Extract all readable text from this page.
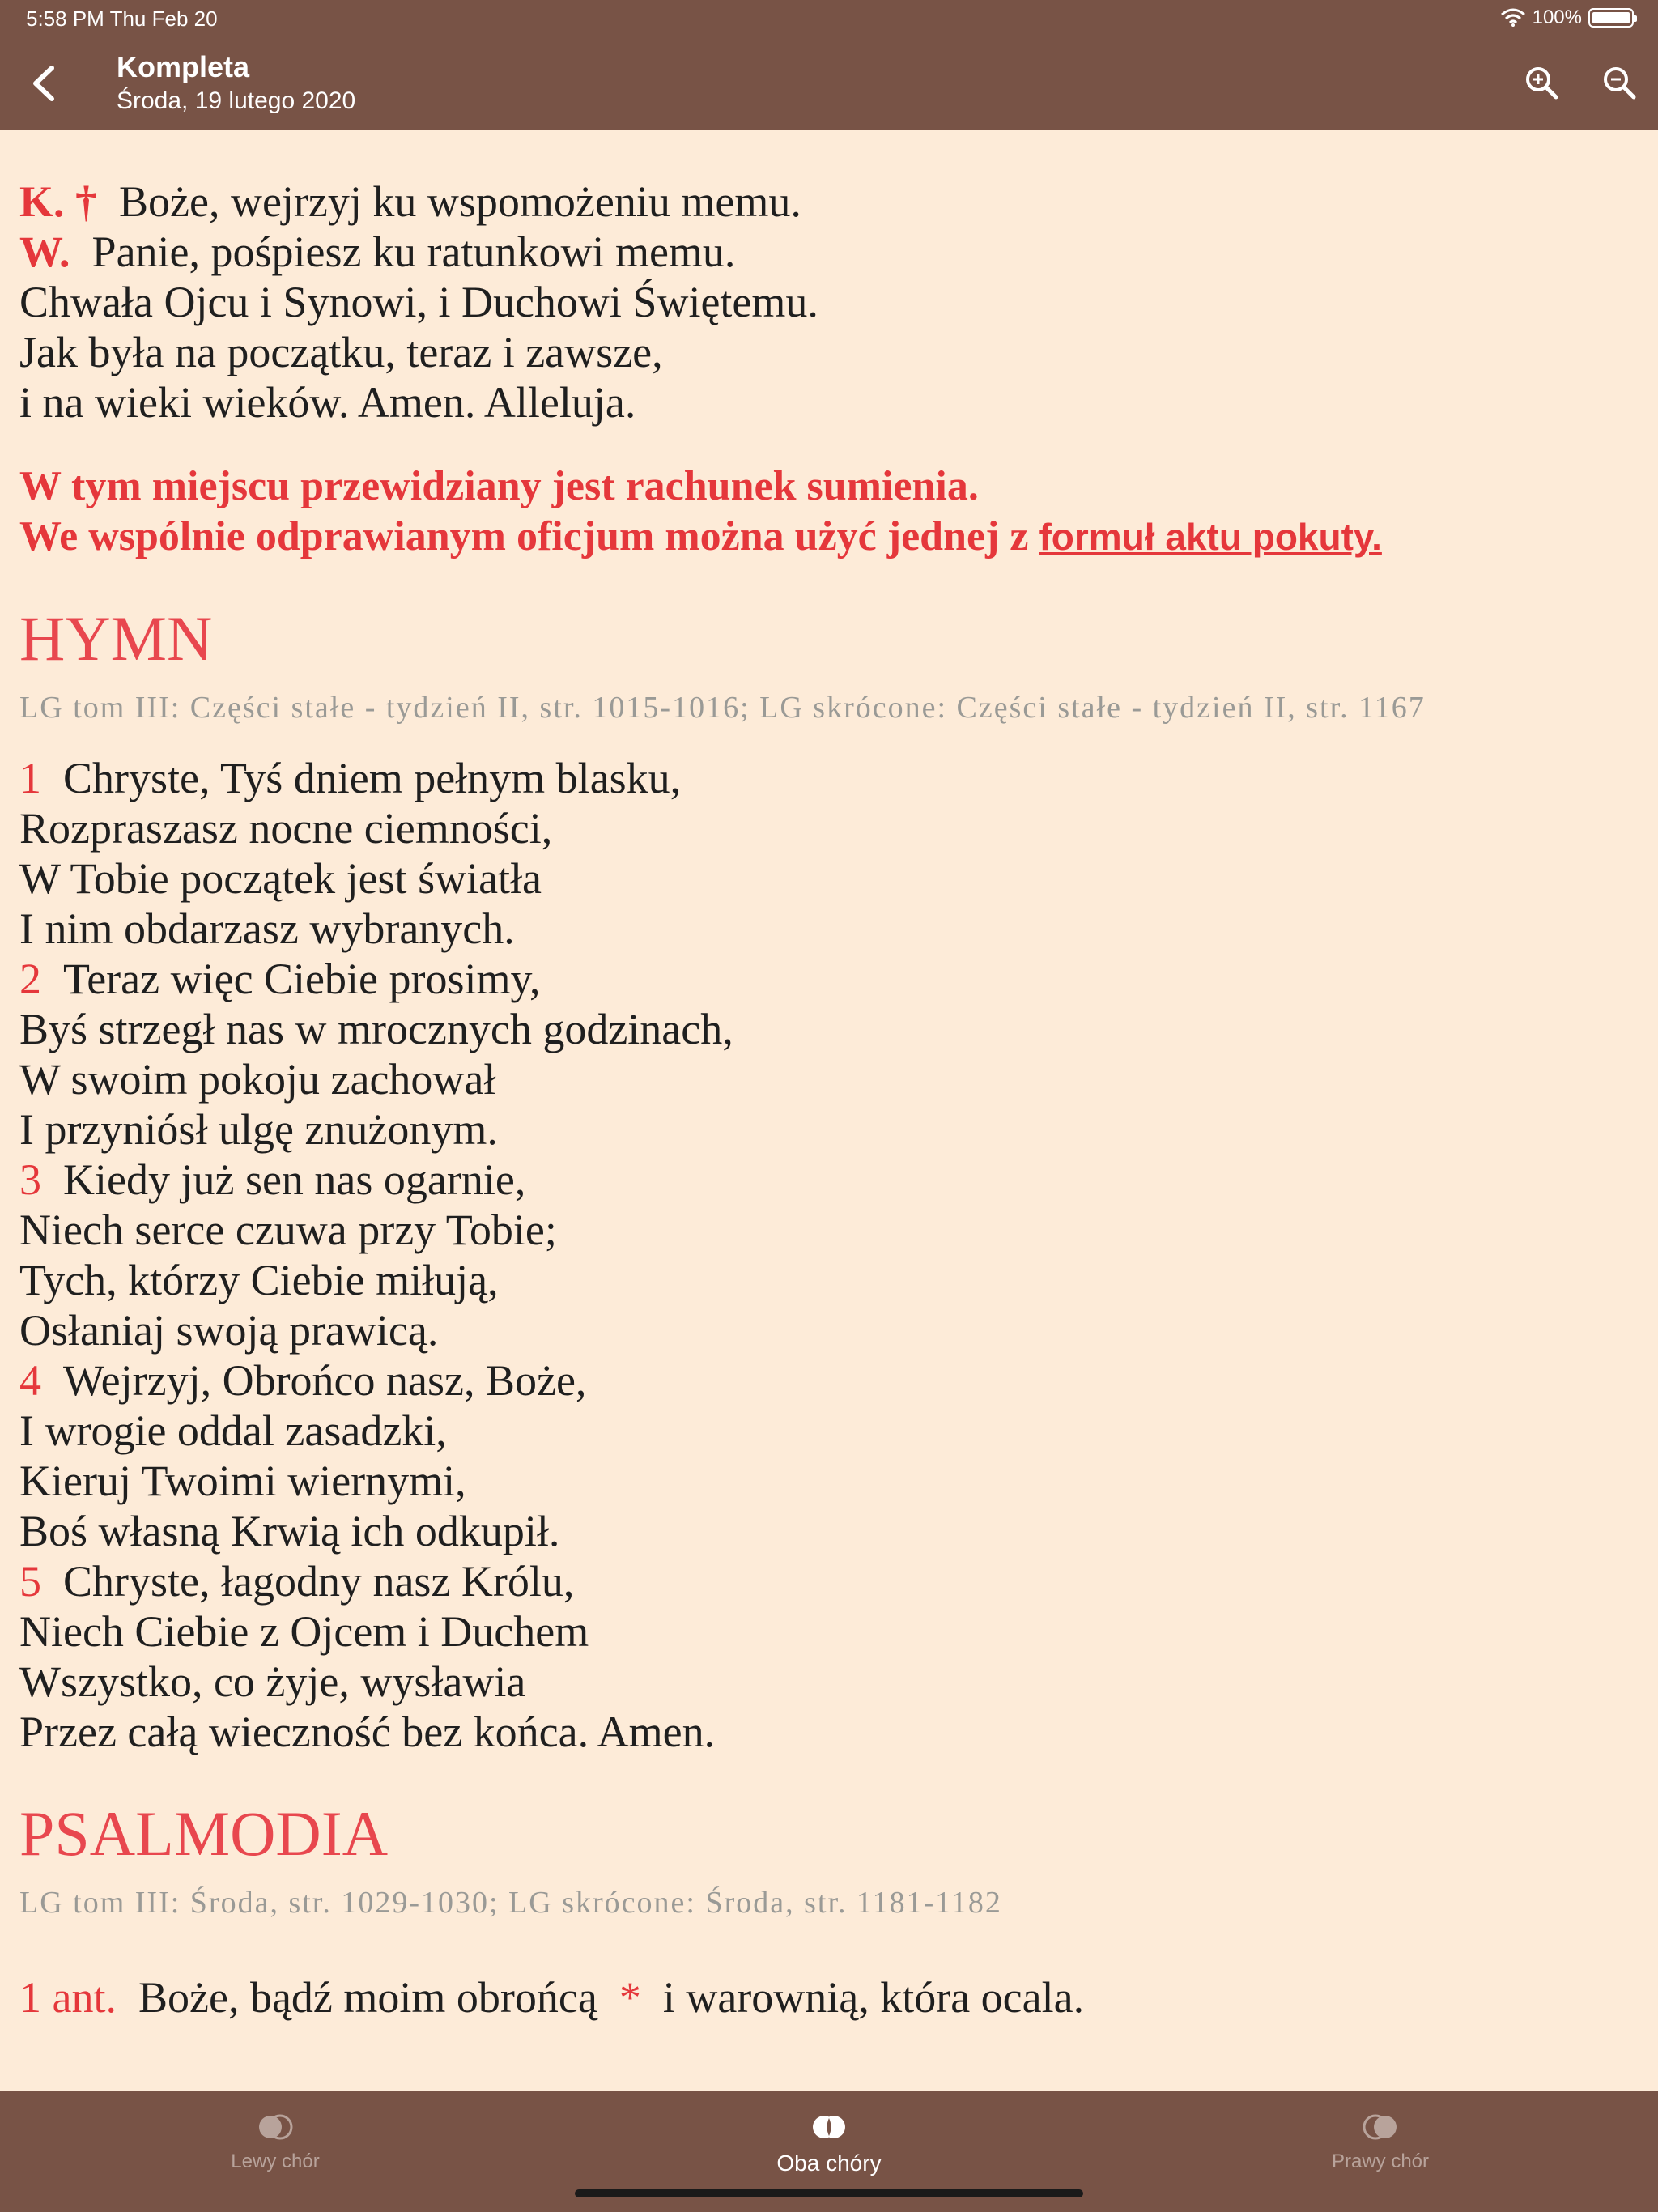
5:58 PM Thu Feb 20	100%
Kompleta
Środa, 19 lutego 2020
K. † Boże, wejrzyj ku wspomożeniu memu.
W. Panie, pośpiesz ku ratunkowi memu.
Chwała Ojcu i Synowi, i Duchowi Świętemu.
Jak była na początku, teraz i zawsze,
i na wieki wieków. Amen. Alleluja.
W tym miejscu przewidziany jest rachunek sumienia.
We wspólnie odprawianym oficjum można użyć jednej z formuł aktu pokuty.
HYMN
LG tom III: Części stałe - tydzień II, str. 1015-1016; LG skrócone: Części stałe - tydzień II, str. 1167
1 Chryste, Tyś dniem pełnym blasku,
Rozpraszasz nocne ciemności,
W Tobie początek jest światła
I nim obdarzasz wybranych.
2 Teraz więc Ciebie prosimy,
Byś strzegł nas w mrocznych godzinach,
W swoim pokoju zachował
I przyniósł ulgę znużonym.
3 Kiedy już sen nas ogarnie,
Niech serce czuwa przy Tobie;
Tych, którzy Ciebie miłują,
Osłaniaj swoją prawicą.
4 Wejrzyj, Obrońco nasz, Boże,
I wrogie oddal zasadzki,
Kieruj Twoimi wiernymi,
Boś własną Krwią ich odkupił.
5 Chryste, łagodny nasz Królu,
Niech Ciebie z Ojcem i Duchem
Wszystko, co żyje, wysławia
Przez całą wieczność bez końca. Amen.
PSALMODIA
LG tom III: Środa, str. 1029-1030; LG skrócone: Środa, str. 1181-1182
1 ant. Boże, bądź moim obrońcą * i warownią, która ocala.
Lewy chór	Oba chóry	Prawy chór
